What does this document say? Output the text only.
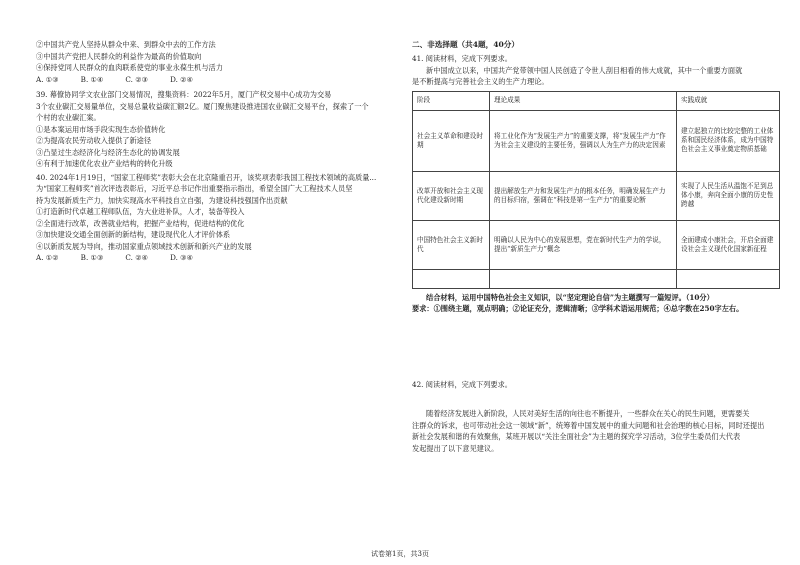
②中国共产党人坚持从群众中来、到群众中去的工作方法
③中国共产党把人民群众的利益作为最高的价值取向
④保持党同人民群众的血肉联系使党的事业永葆生机与活力
A. ①③	B. ①④	C. ②③	D. ②④
39. 幕僚协同学文农业部门交易情况，搜集资料：2022年5月，厦门产权交易中心成功为交易
3个农业碳汇交易量单位，交易总量收益碳汇额2亿。厦门聚焦建设推进国农业碳汇交易平台，探索了一个
个村的农业碳汇案。
①是本案运用市场手段实现生态价值转化
②为提高农民劳动收入提供了新途径
③凸显过生态经济化与经济生态化的协调发展
④有利于加速优化农业产业结构的转化升级
40. 2024年1月19日，“国家工程师奖”表彰大会在北京隆重召开，该奖项表彰我国工程技术领域的高质量...
为“国家工程师奖”首次评选表彰后，习近平总书记作出重要指示指出，希望全国广大工程技术人员坚
持为发展新质生产力，加快实现高水平科技自立自强，为建设科技强国作出贡献
①打造新时代卓越工程师队伍，为大业进补队，人才，装备等投入
②全面进行改革，改善就业结构，把握产业结构，促进结构的优化
③加快建设交通全面创新的新结构，建设现代化人才评价体系
④以新质发展为导向，推动国家重点领域技术创新和新兴产业的发展
A. ①②	B. ①③	C. ②④	D. ③④
二、非选择题（共4题，40分）
41. 阅读材料，完成下列要求。
新中国成立以来，中国共产党带领中国人民创造了令世人刮目相看的伟大成就，其中一个重要方面就
是不断提高与完善社会主义的生产力理论。
阶段	理论成果	实践成就
社会主义革命和建设时期	将工业化作为“发展生产力”的重要支撑，将“发展生产力”作为社会主义建设的主要任务，强调以人为生产力的决定因素	建立起独立的比较完整的工业体系和国民经济体系，成为中国特色社会主义事业奠定物质基础
改革开放和社会主义现代化建设新时期	提出解放生产力和发展生产力的根本任务，明确发展生产力的目标归宿，强调在“科技是第一生产力”的重要论断	实现了人民生活从温饱不足到总体小康，奔向全面小康的历史性跨越
中国特色社会主义新时代	明确以人民为中心的发展思想，党在新时代生产力的学说，提出“新质生产力”概念	全面建成小康社会，开启全面建设社会主义现代化国家新征程

结合材料，运用中国特色社会主义知识，以“坚定理论自信”为主题撰写一篇短评。（10分）
要求：①围绕主题，观点明确；②论证充分，逻辑清晰；③学科术语运用规范；④总字数在250字左右。
42. 阅读材料，完成下列要求。
随着经济发展进入新阶段，人民对美好生活的向往也不断提升，一些群众在关心的民生问题，更需要关
注群众的诉求，也可带动社会这一领域“新”，统筹着中国发展中的重大问题和社会治理的核心目标，同时还提出
新社会发展和谐的有效聚焦，某班开展以“关注全面社会”为主题的探究学习活动，3位学生委员们大代表
发起提出了以下意见建议。
试卷第1页，共3页
